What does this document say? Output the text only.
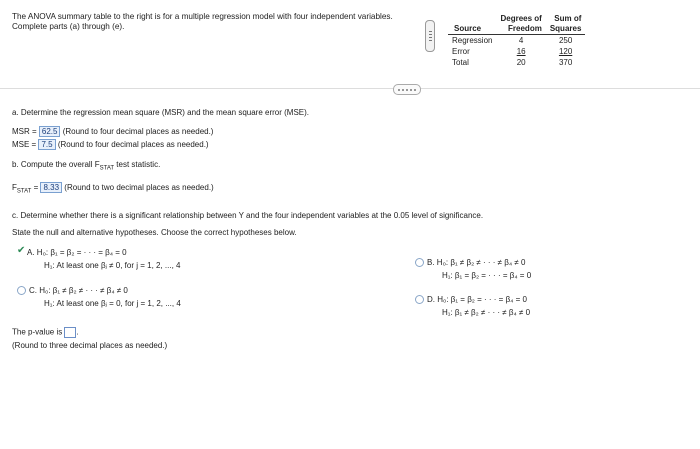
The ANOVA summary table to the right is for a multiple regression model with four independent variables. Complete parts (a) through (e).
	Degrees of	Sum of
Source	Freedom	Squares
Regression	4	250
Error	16	120
Total	20	370
a. Determine the regression mean square (MSR) and the mean square error (MSE).
MSR = 62.5 (Round to four decimal places as needed.)
MSE = 7.5 (Round to four decimal places as needed.)
b. Compute the overall $F_{STAT}$ test statistic.
$F_{STAT} = 8.33$ (Round to two decimal places as needed.)
c. Determine whether there is a significant relationship between Y and the four independent variables at the 0.05 level of significance.
State the null and alternative hypotheses. Choose the correct hypotheses below.
✔ A. H₀: β₁ = β₂ = · · · = β₄ = 0
H₁: At least one βⱼ ≠ 0, for j = 1, 2, ..., 4	B. H₀: β₁ ≠ β₂ ≠ · · · ≠ β₄ ≠ 0
H₁: β₁ = β₂ = · · · = β₄ = 0
C. H₀: β₁ ≠ β₂ ≠ · · · ≠ β₄ ≠ 0
H₁: At least one βⱼ = 0, for j = 1, 2, ..., 4	D. H₀: β₁ = β₂ = · · · = β₄ = 0
H₁: β₁ ≠ β₂ ≠ · · · ≠ β₄ ≠ 0
The p-value is .
(Round to three decimal places as needed.)
